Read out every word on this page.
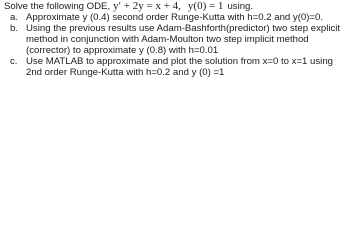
Solve the following ODE, y′ + 2y = x + 4, y(0) = 1 using.
a. Approximate y (0.4) second order Runge-Kutta with h=0.2 and y(0)=0.
b. Using the previous results use Adam-Bashforth(predictor) two step explicit
method in conjunction with Adam-Moulton two step implicit method
(corrector) to approximate y (0.8) with h=0.01
c. Use MATLAB to approximate and plot the solution from x=0 to x=1 using
2nd order Runge-Kutta with h=0.2 and y (0) =1
